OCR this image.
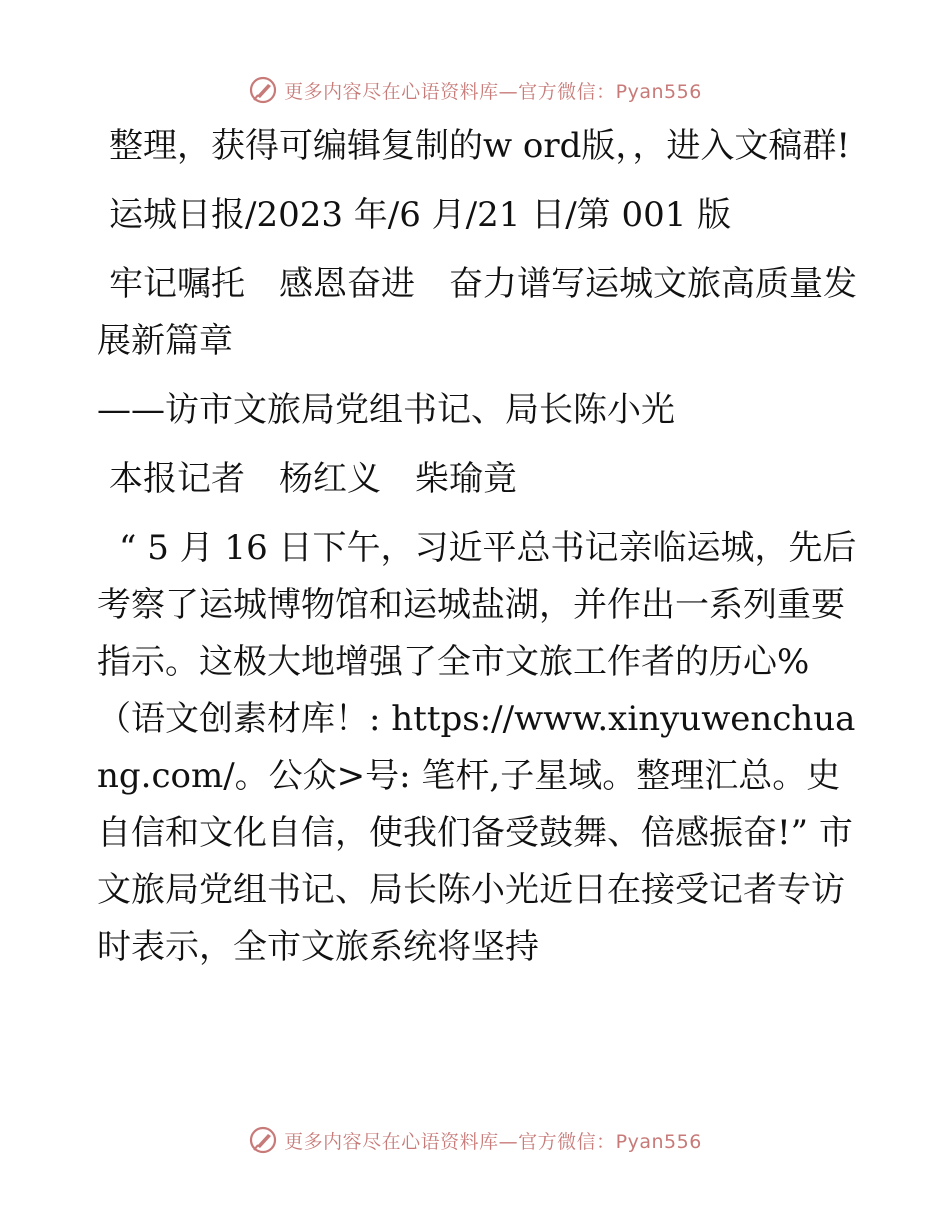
更多内容尽在心语资料库—官方微信：Pyan556

整理，获得可编辑复制的w ord版，，进入文稿群!

运城日报/2023 年/6 月/21 日/第 001 版

牢记嘱托　感恩奋进　奋力谱写运城文旅高质量发展新篇章

——访市文旅局党组书记、局长陈小光

本报记者　杨红义　柴瑜竟

“ 5 月 16 日下午，习近平总书记亲临运城，先后考察了运城博物馆和运城盐湖，并作出一系列重要指示。这极大地增强了全市文旅工作者的历心%（语文创素材库！: https://www.xinyuwenchuang.com/。公众>号: 笔杆,子星域。整理汇总。史自信和文化自信，使我们备受鼓舞、倍感振奋!” 市文旅局党组书记、局长陈小光近日在接受记者专访时表示，全市文旅系统将坚持

更多内容尽在心语资料库—官方微信：Pyan556
